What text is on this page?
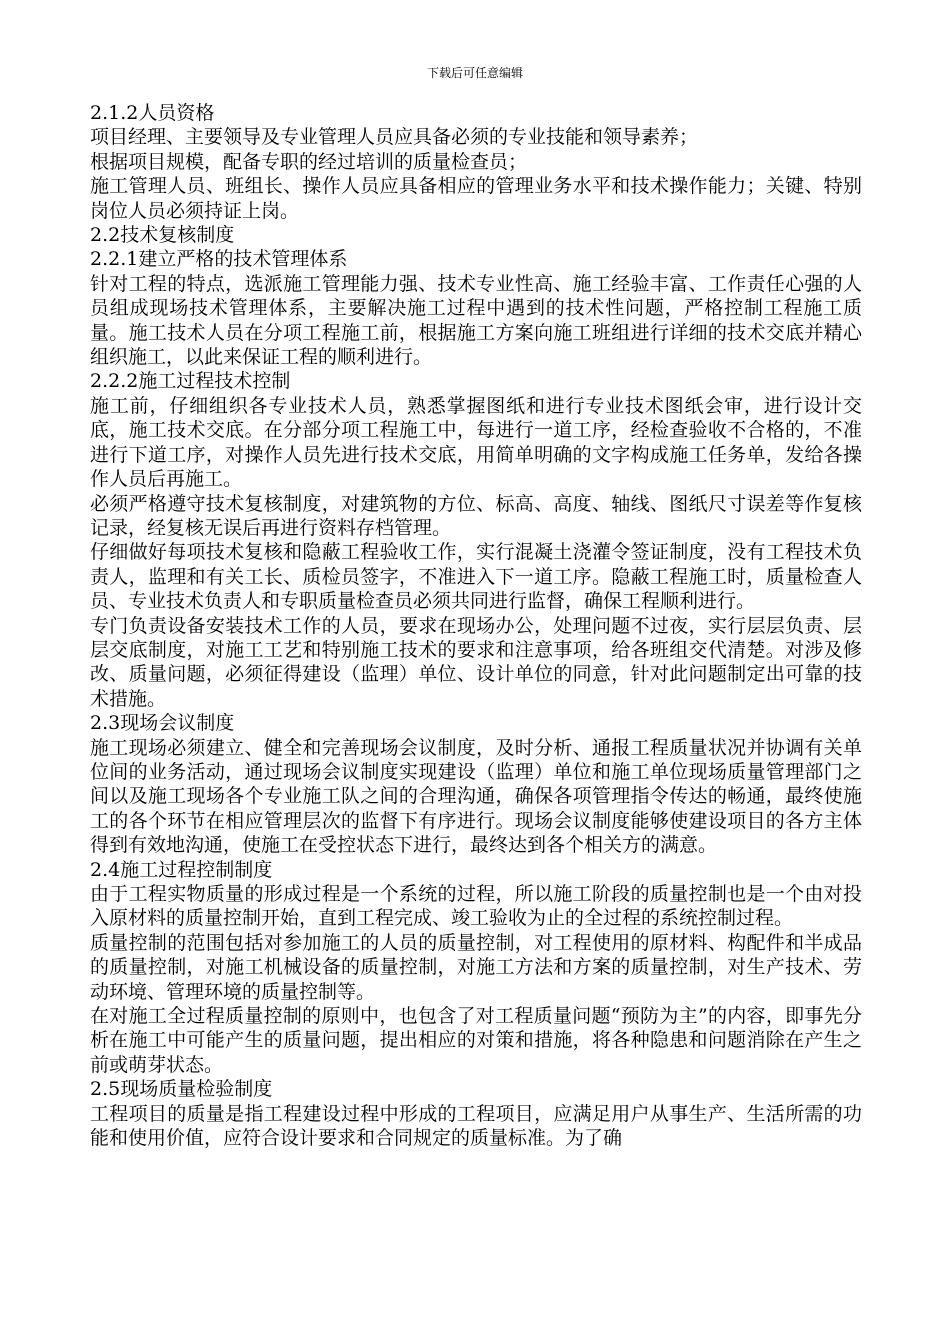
下载后可任意编辑

2.1.2人员资格

项目经理、主要领导及专业管理人员应具备必须的专业技能和领导素养；

根据项目规模，配备专职的经过培训的质量检查员；

施工管理人员、班组长、操作人员应具备相应的管理业务水平和技术操作能力；关键、特别岗位人员必须持证上岗。

2.2技术复核制度

2.2.1建立严格的技术管理体系

针对工程的特点，选派施工管理能力强、技术专业性高、施工经验丰富、工作责任心强的人员组成现场技术管理体系，主要解决施工过程中遇到的技术性问题，严格控制工程施工质量。施工技术人员在分项工程施工前，根据施工方案向施工班组进行详细的技术交底并精心组织施工，以此来保证工程的顺利进行。

2.2.2施工过程技术控制

施工前，仔细组织各专业技术人员，熟悉掌握图纸和进行专业技术图纸会审，进行设计交底，施工技术交底。在分部分项工程施工中，每进行一道工序，经检查验收不合格的，不准进行下道工序，对操作人员先进行技术交底，用简单明确的文字构成施工任务单，发给各操作人员后再施工。

必须严格遵守技术复核制度，对建筑物的方位、标高、高度、轴线、图纸尺寸误差等作复核记录，经复核无误后再进行资料存档管理。

仔细做好每项技术复核和隐蔽工程验收工作，实行混凝土浇灌令签证制度，没有工程技术负责人，监理和有关工长、质检员签字，不准进入下一道工序。隐蔽工程施工时，质量检查人员、专业技术负责人和专职质量检查员必须共同进行监督，确保工程顺利进行。

专门负责设备安装技术工作的人员，要求在现场办公，处理问题不过夜，实行层层负责、层层交底制度，对施工工艺和特别施工技术的要求和注意事项，给各班组交代清楚。对涉及修改、质量问题，必须征得建设（监理）单位、设计单位的同意，针对此问题制定出可靠的技术措施。

2.3现场会议制度

施工现场必须建立、健全和完善现场会议制度，及时分析、通报工程质量状况并协调有关单位间的业务活动，通过现场会议制度实现建设（监理）单位和施工单位现场质量管理部门之间以及施工现场各个专业施工队之间的合理沟通，确保各项管理指令传达的畅通，最终使施工的各个环节在相应管理层次的监督下有序进行。现场会议制度能够使建设项目的各方主体得到有效地沟通，使施工在受控状态下进行，最终达到各个相关方的满意。

2.4施工过程控制制度

由于工程实物质量的形成过程是一个系统的过程，所以施工阶段的质量控制也是一个由对投入原材料的质量控制开始，直到工程完成、竣工验收为止的全过程的系统控制过程。

质量控制的范围包括对参加施工的人员的质量控制，对工程使用的原材料、构配件和半成品的质量控制，对施工机械设备的质量控制，对施工方法和方案的质量控制，对生产技术、劳动环境、管理环境的质量控制等。

在对施工全过程质量控制的原则中，也包含了对工程质量问题“预防为主”的内容，即事先分析在施工中可能产生的质量问题，提出相应的对策和措施，将各种隐患和问题消除在产生之前或萌芽状态。

2.5现场质量检验制度

工程项目的质量是指工程建设过程中形成的工程项目，应满足用户从事生产、生活所需的功能和使用价值，应符合设计要求和合同规定的质量标准。为了确
